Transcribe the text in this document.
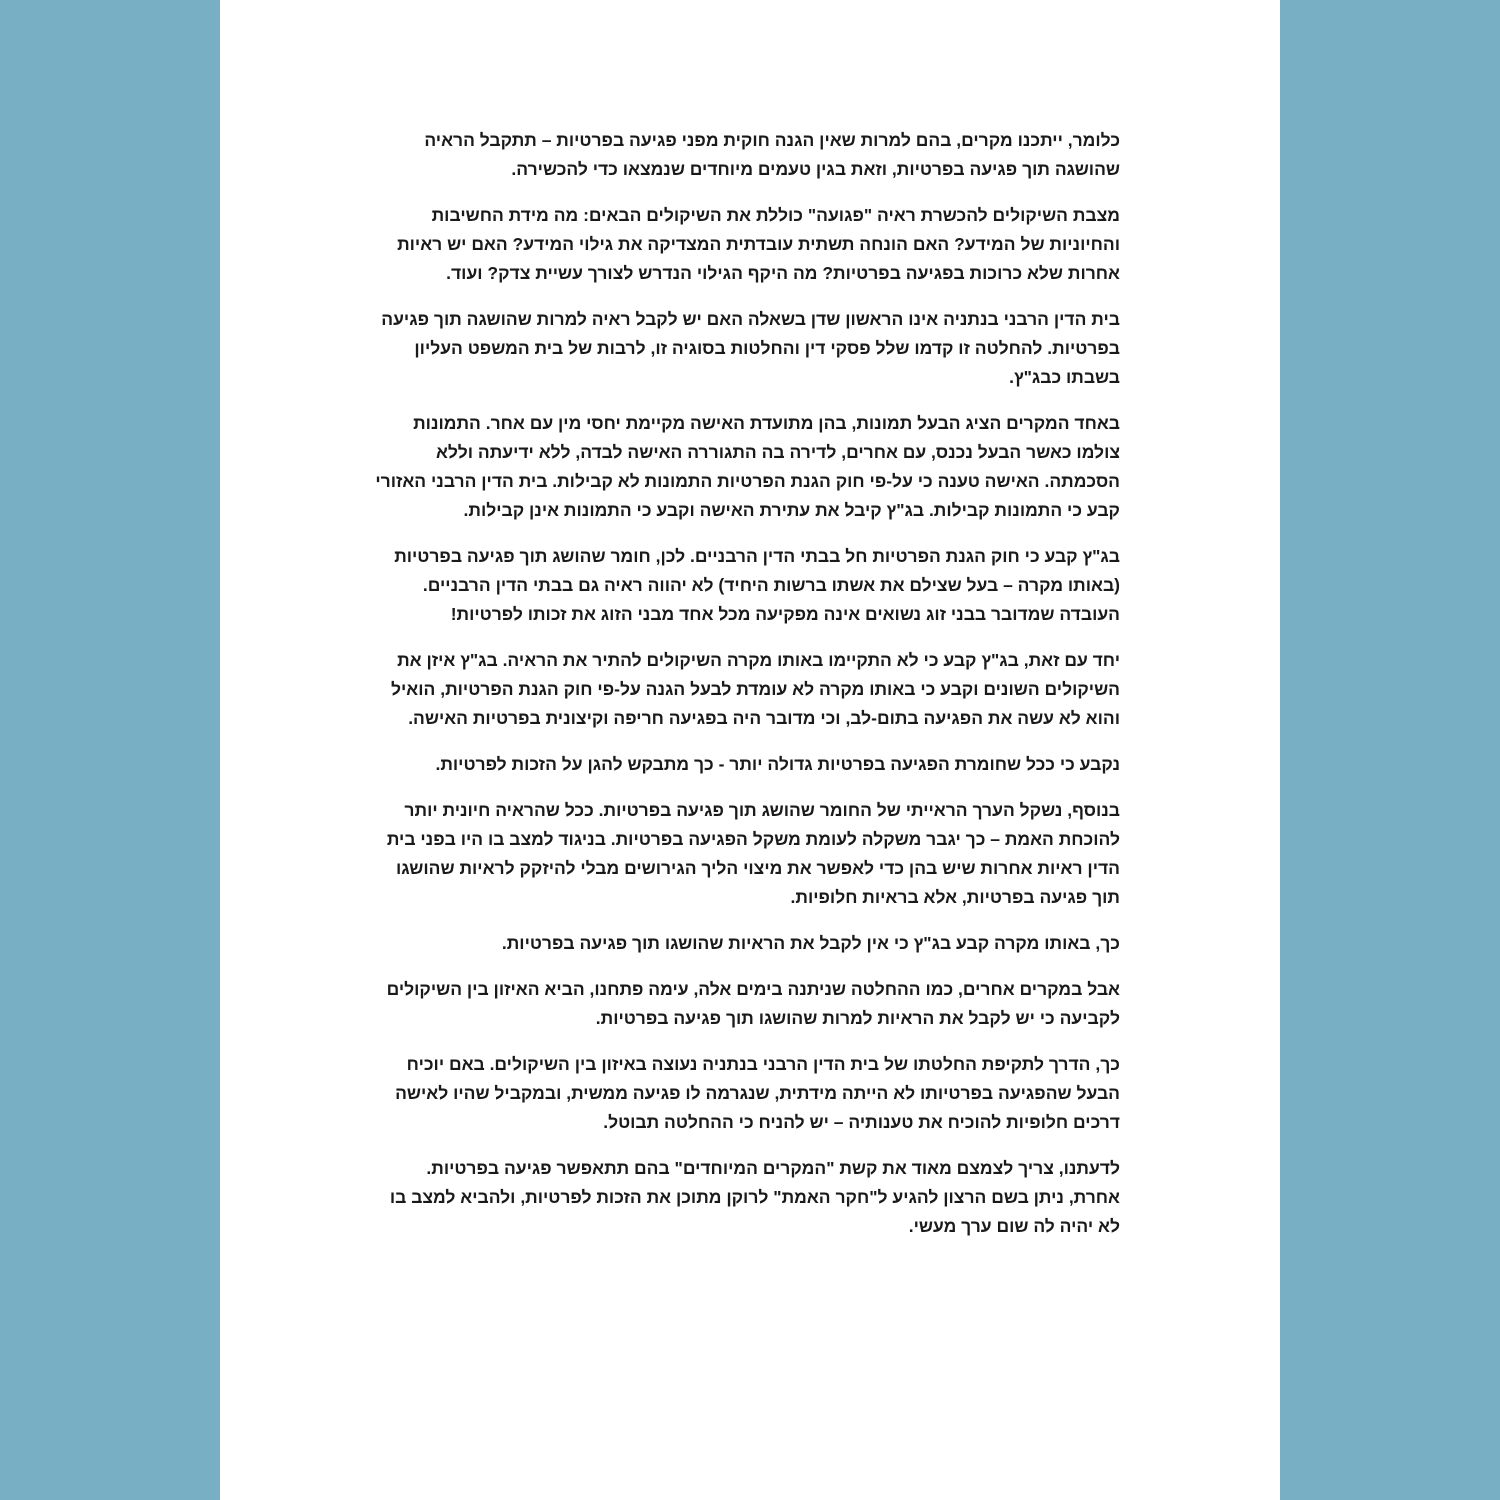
כלומר, ייתכנו מקרים, בהם למרות שאין הגנה חוקית מפני פגיעה בפרטיות – תתקבל הראיה שהושגה תוך פגיעה בפרטיות, וזאת בגין טעמים מיוחדים שנמצאו כדי להכשירה.

מצבת השיקולים להכשרת ראיה "פגועה" כוללת את השיקולים הבאים: מה מידת החשיבות והחיוניות של המידע? האם הונחה תשתית עובדתית המצדיקה את גילוי המידע? האם יש ראיות אחרות שלא כרוכות בפגיעה בפרטיות? מה היקף הגילוי הנדרש לצורך עשיית צדק? ועוד.

בית הדין הרבני בנתניה אינו הראשון שדן בשאלה האם יש לקבל ראיה למרות שהושגה תוך פגיעה בפרטיות. להחלטה זו קדמו שלל פסקי דין והחלטות בסוגיה זו, לרבות של בית המשפט העליון בשבתו כבג"ץ.

באחד המקרים הציג הבעל תמונות, בהן מתועדת האישה מקיימת יחסי מין עם אחר. התמונות צולמו כאשר הבעל נכנס, עם אחרים, לדירה בה התגוררה האישה לבדה, ללא ידיעתה וללא הסכמתה. האישה טענה כי על-פי חוק הגנת הפרטיות התמונות לא קבילות. בית הדין הרבני האזורי קבע כי התמונות קבילות. בג"ץ קיבל את עתירת האישה וקבע כי התמונות אינן קבילות.

בג"ץ קבע כי חוק הגנת הפרטיות חל בבתי הדין הרבניים. לכן, חומר שהושג תוך פגיעה בפרטיות (באותו מקרה – בעל שצילם את אשתו ברשות היחיד) לא יהווה ראיה גם בבתי הדין הרבניים. העובדה שמדובר בבני זוג נשואים אינה מפקיעה מכל אחד מבני הזוג את זכותו לפרטיות!

יחד עם זאת, בג"ץ קבע כי לא התקיימו באותו מקרה השיקולים להתיר את הראיה. בג"ץ איזן את השיקולים השונים וקבע כי באותו מקרה לא עומדת לבעל הגנה על-פי חוק הגנת הפרטיות, הואיל והוא לא עשה את הפגיעה בתום-לב, וכי מדובר היה בפגיעה חריפה וקיצונית בפרטיות האישה.

נקבע כי ככל שחומרת הפגיעה בפרטיות גדולה יותר - כך מתבקש להגן על הזכות לפרטיות.

בנוסף, נשקל הערך הראייתי של החומר שהושג תוך פגיעה בפרטיות. ככל שהראיה חיונית יותר להוכחת האמת – כך יגבר משקלה לעומת משקל הפגיעה בפרטיות. בניגוד למצב בו היו בפני בית הדין ראיות אחרות שיש בהן כדי לאפשר את מיצוי הליך הגירושים מבלי להיזקק לראיות שהושגו תוך פגיעה בפרטיות, אלא בראיות חלופיות.

כך, באותו מקרה קבע בג"ץ כי אין לקבל את הראיות שהושגו תוך פגיעה בפרטיות.

אבל במקרים אחרים, כמו ההחלטה שניתנה בימים אלה, עימה פתחנו, הביא האיזון בין השיקולים לקביעה כי יש לקבל את הראיות למרות שהושגו תוך פגיעה בפרטיות.

כך, הדרך לתקיפת החלטתו של בית הדין הרבני בנתניה נעוצה באיזון בין השיקולים. באם יוכיח הבעל שהפגיעה בפרטיותו לא הייתה מידתית, שנגרמה לו פגיעה ממשית, ובמקביל שהיו לאישה דרכים חלופיות להוכיח את טענותיה – יש להניח כי ההחלטה תבוטל.

לדעתנו, צריך לצמצם מאוד את קשת "המקרים המיוחדים" בהם תתאפשר פגיעה בפרטיות. אחרת, ניתן בשם הרצון להגיע ל"חקר האמת" לרוקן מתוכן את הזכות לפרטיות, ולהביא למצב בו לא יהיה לה שום ערך מעשי.
